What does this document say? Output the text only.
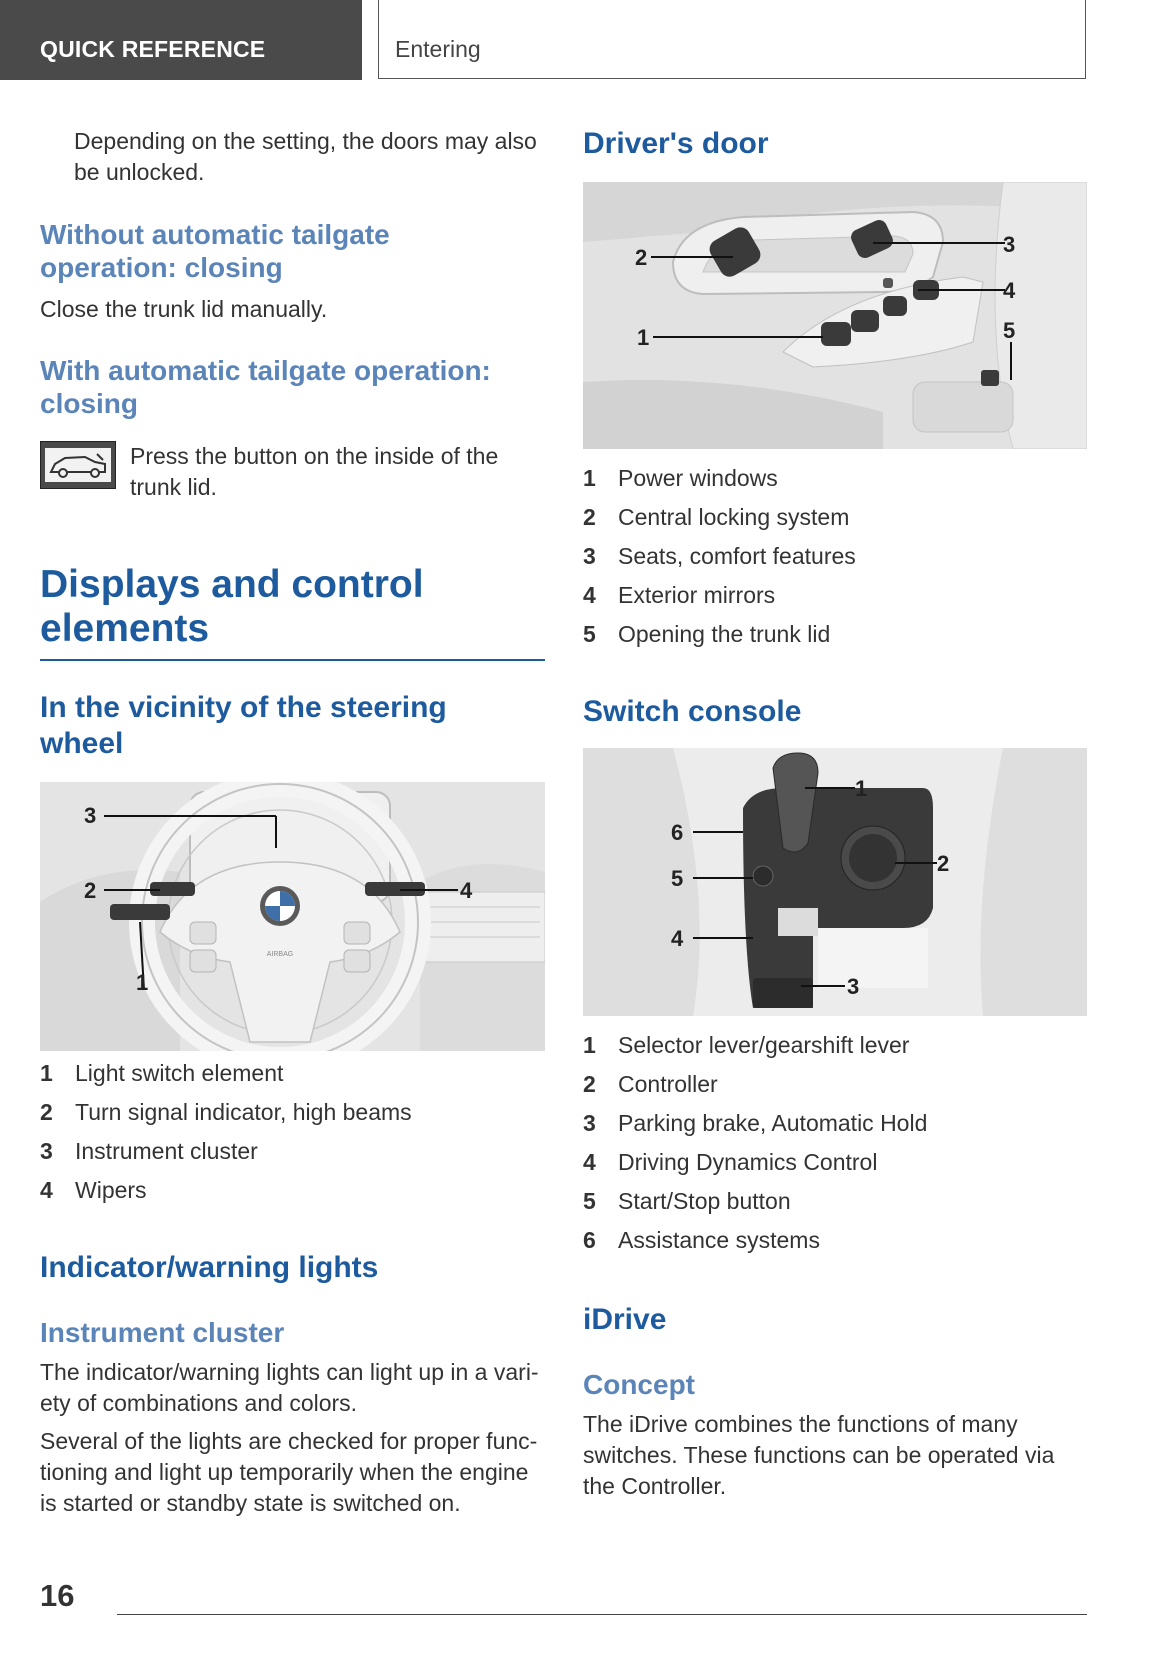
QUICK REFERENCE	Entering

Depending on the setting, the doors may also be unlocked.

Without automatic tailgate operation: closing

Close the trunk lid manually.

With automatic tailgate operation: closing

Press the button on the inside of the trunk lid.

Displays and control elements
In the vicinity of the steering wheel
AIRBAG
3
2	4
1
1 Light switch element
2 Turn signal indicator, high beams
3 Instrument cluster
4 Wipers
Indicator/warning lights
Instrument cluster

The indicator/warning lights can light up in a vari-ety of combinations and colors.

Several of the lights are checked for proper func-tioning and light up temporarily when the engine is started or standby state is switched on.

Driver's door
2
1
3
4
5
1 Power windows
2 Central locking system
3 Seats, comfort features
4 Exterior mirrors
5 Opening the trunk lid
Switch console
1
2
3
4
5
6
1 Selector lever/gearshift lever
2 Controller
3 Parking brake, Automatic Hold
4 Driving Dynamics Control
5 Start/Stop button
6 Assistance systems
iDrive
Concept

The iDrive combines the functions of many switches. These functions can be operated via the Controller.

16
